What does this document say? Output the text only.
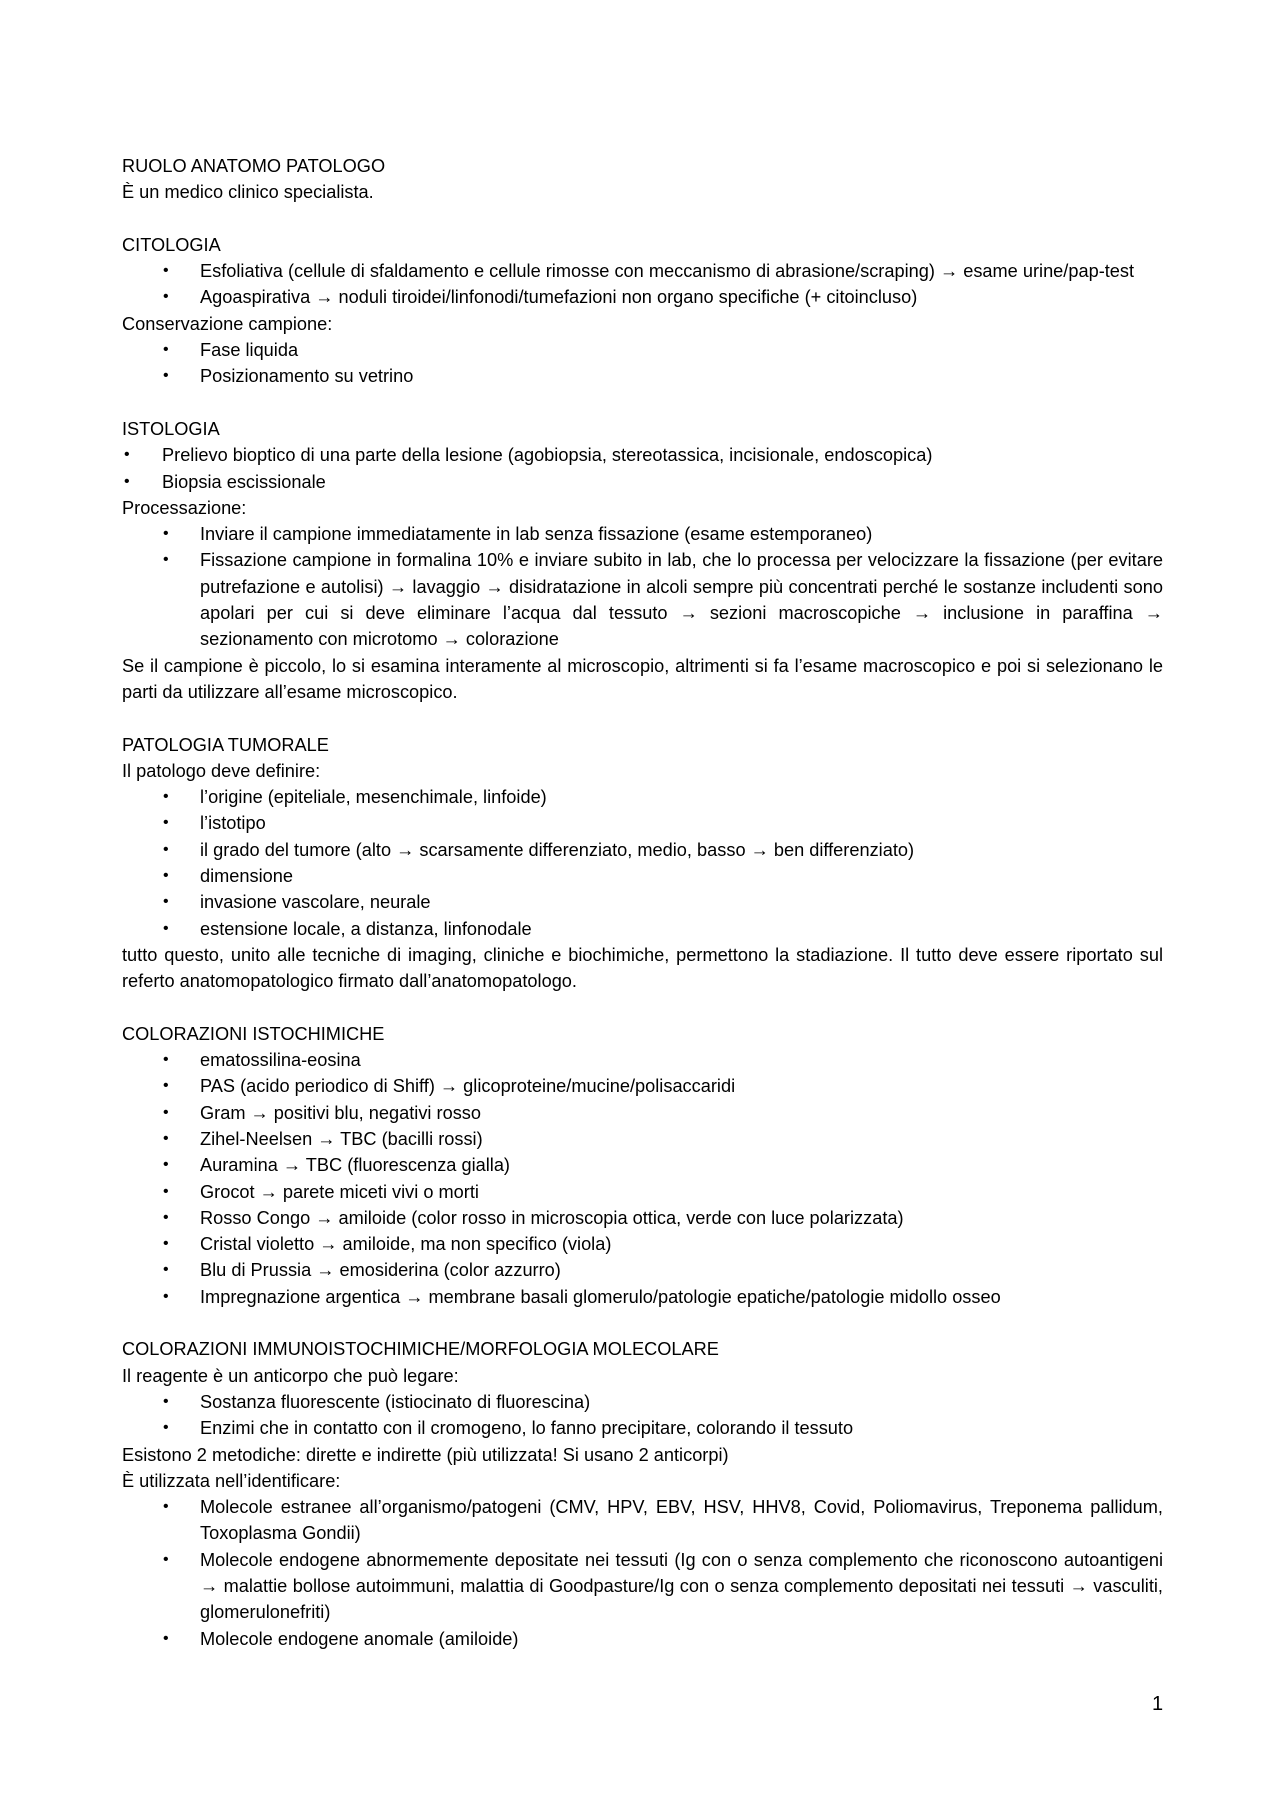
RUOLO ANATOMO PATOLOGO

È un medico clinico specialista.

CITOLOGIA

• Esfoliativa (cellule di sfaldamento e cellule rimosse con meccanismo di abrasione/scraping) → esame urine/pap-test
• Agoaspirativa → noduli tiroidei/linfonodi/tumefazioni non organo specifiche (+ citoincluso)

Conservazione campione:

• Fase liquida
• Posizionamento su vetrino

ISTOLOGIA

• Prelievo bioptico di una parte della lesione (agobiopsia, stereotassica, incisionale, endoscopica)
• Biopsia escissionale

Processazione:

• Inviare il campione immediatamente in lab senza fissazione (esame estemporaneo)
• Fissazione campione in formalina 10% e inviare subito in lab, che lo processa per velocizzare la fissazione (per evitare putrefazione e autolisi) → lavaggio → disidratazione in alcoli sempre più concentrati perché le sostanze includenti sono apolari per cui si deve eliminare l’acqua dal tessuto → sezioni macroscopiche → inclusione in paraffina → sezionamento con microtomo → colorazione

Se il campione è piccolo, lo si esamina interamente al microscopio, altrimenti si fa l’esame macroscopico e poi si selezionano le parti da utilizzare all’esame microscopico.

PATOLOGIA TUMORALE

Il patologo deve definire:

• l’origine (epiteliale, mesenchimale, linfoide)
• l’istotipo
• il grado del tumore (alto → scarsamente differenziato, medio, basso → ben differenziato)
• dimensione
• invasione vascolare, neurale
• estensione locale, a distanza, linfonodale

tutto questo, unito alle tecniche di imaging, cliniche e biochimiche, permettono la stadiazione. Il tutto deve essere riportato sul referto anatomopatologico firmato dall’anatomopatologo.

COLORAZIONI ISTOCHIMICHE

• ematossilina-eosina
• PAS (acido periodico di Shiff) → glicoproteine/mucine/polisaccaridi
• Gram → positivi blu, negativi rosso
• Zihel-Neelsen → TBC (bacilli rossi)
• Auramina → TBC (fluorescenza gialla)
• Grocot → parete miceti vivi o morti
• Rosso Congo → amiloide (color rosso in microscopia ottica, verde con luce polarizzata)
• Cristal violetto → amiloide, ma non specifico (viola)
• Blu di Prussia → emosiderina (color azzurro)
• Impregnazione argentica → membrane basali glomerulo/patologie epatiche/patologie midollo osseo

COLORAZIONI IMMUNOISTOCHIMICHE/MORFOLOGIA MOLECOLARE

Il reagente è un anticorpo che può legare:

• Sostanza fluorescente (istiocinato di fluorescina)
• Enzimi che in contatto con il cromogeno, lo fanno precipitare, colorando il tessuto

Esistono 2 metodiche: dirette e indirette (più utilizzata! Si usano 2 anticorpi)

È utilizzata nell’identificare:

• Molecole estranee all’organismo/patogeni (CMV, HPV, EBV, HSV, HHV8, Covid, Poliomavirus, Treponema pallidum, Toxoplasma Gondii)
• Molecole endogene abnormemente depositate nei tessuti (Ig con o senza complemento che riconoscono autoantigeni → malattie bollose autoimmuni, malattia di Goodpasture/Ig con o senza complemento depositati nei tessuti → vasculiti, glomerulonefriti)
• Molecole endogene anomale (amiloide)
1
